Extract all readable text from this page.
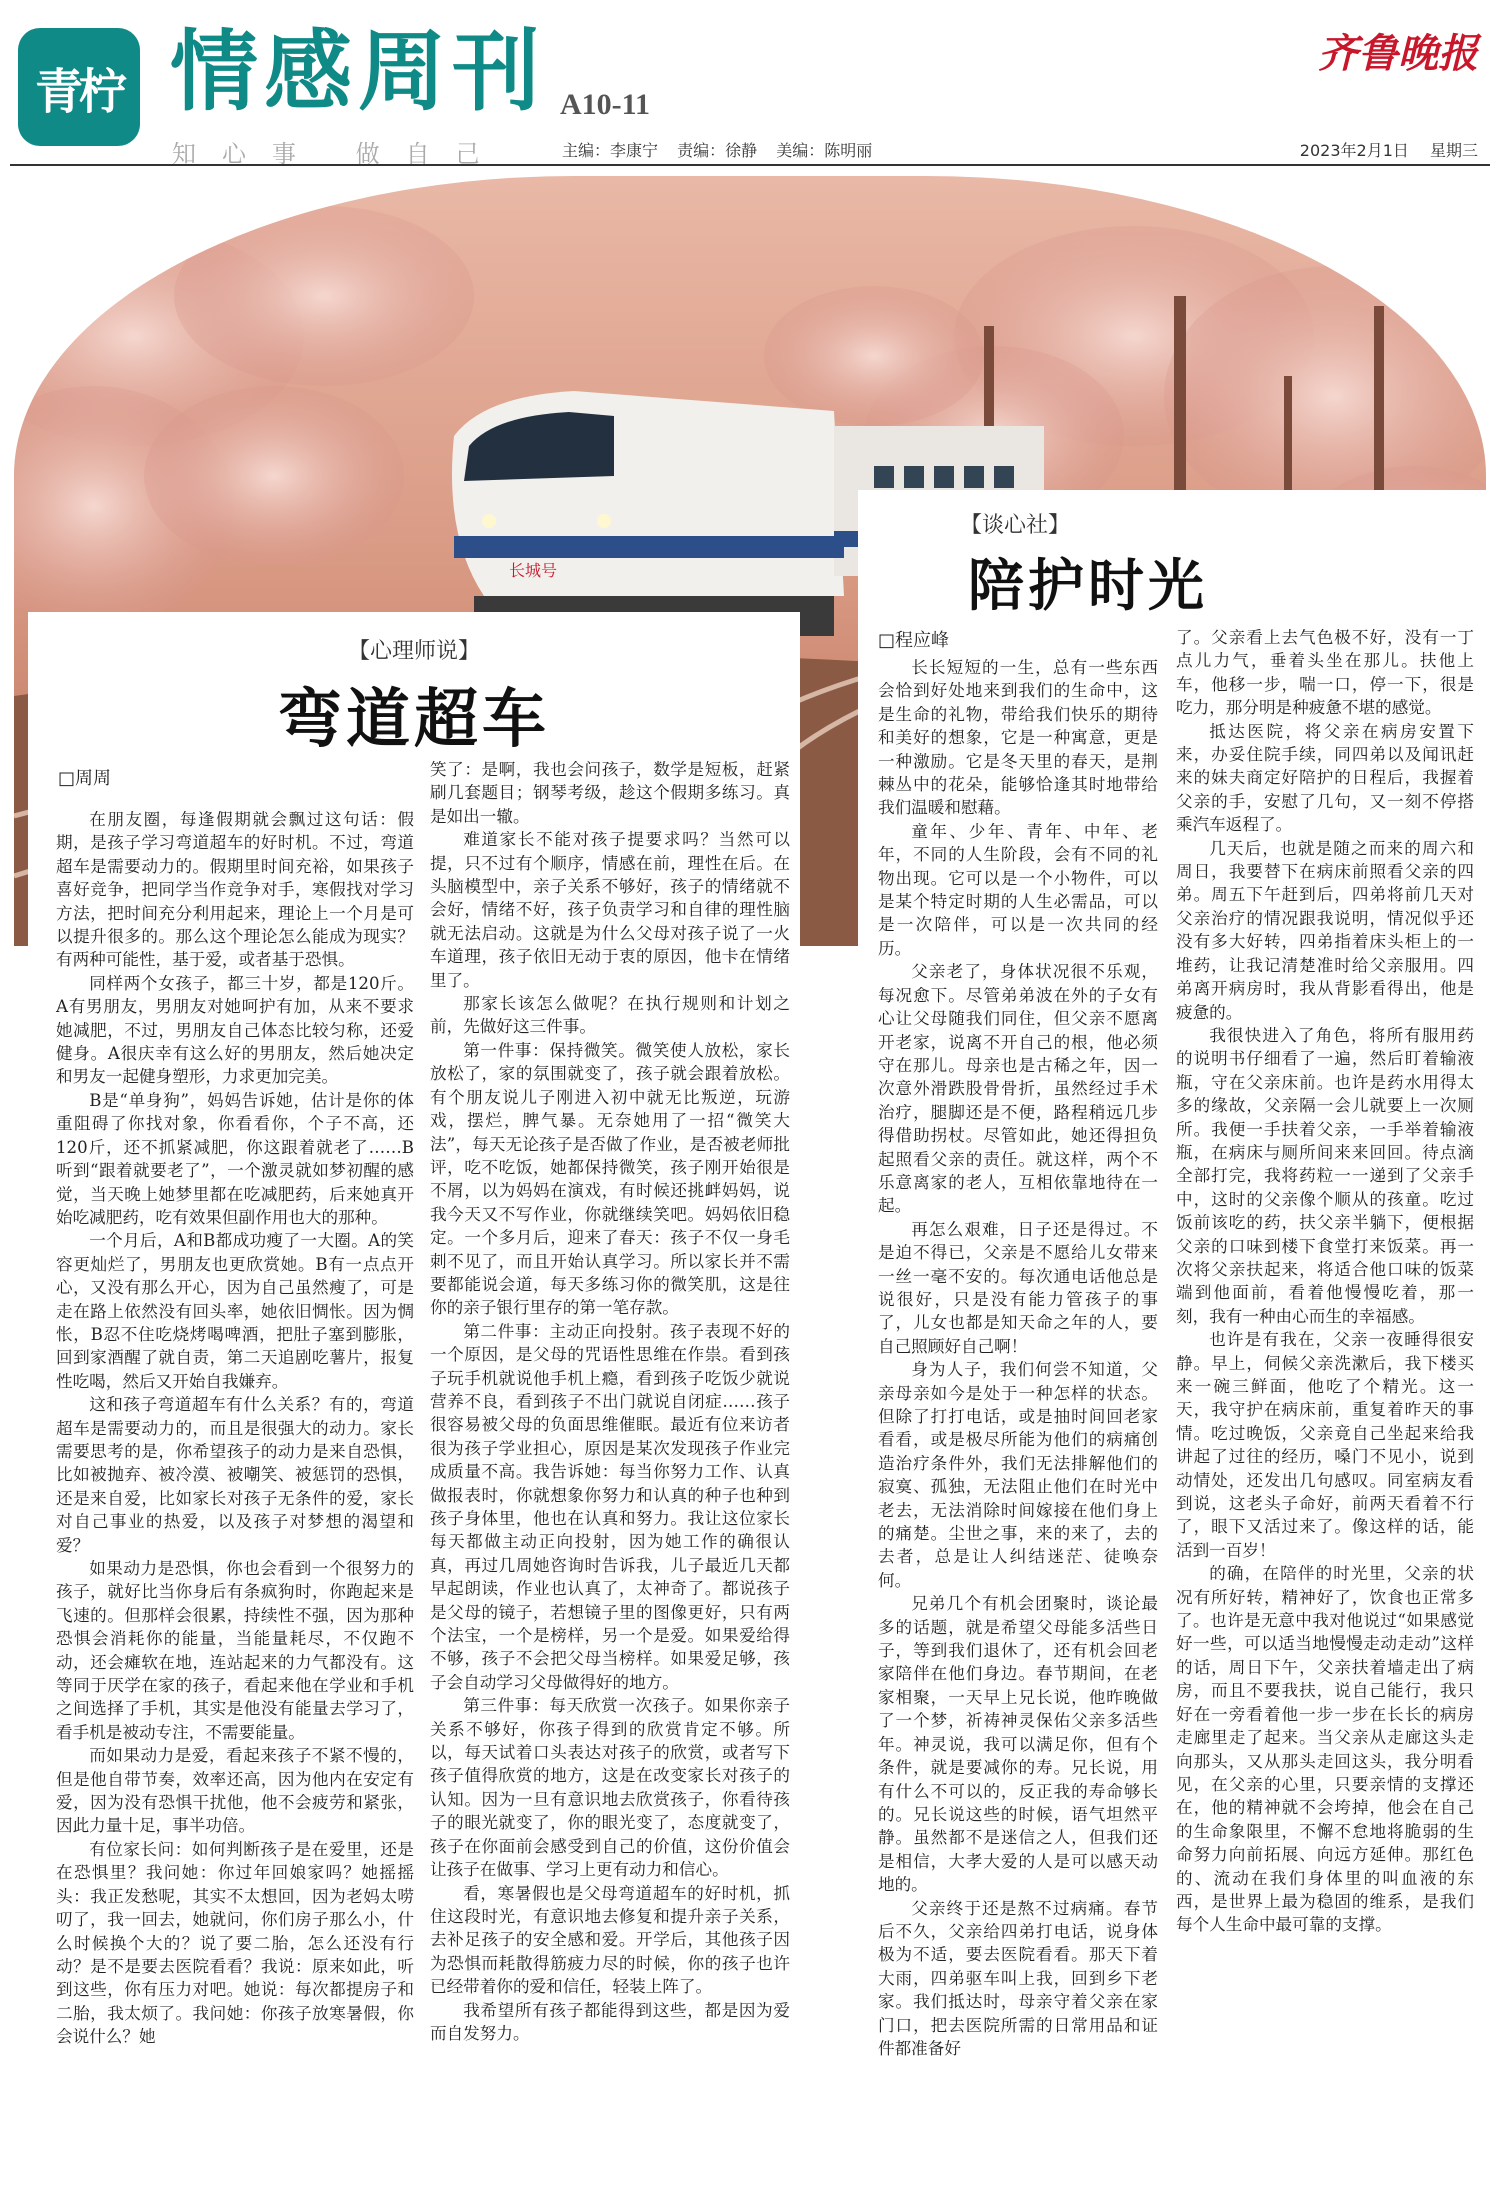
青柠 情感周刊 A10-11
知心事 做自己	主编：李康宁 责编：徐静 美编：陈明丽	2023年2月1日 星期三
齐鲁晚报
长城号
【心理师说】
弯道超车
□周周

在朋友圈，每逢假期就会飘过这句话：假期，是孩子学习弯道超车的好时机。不过，弯道超车是需要动力的。假期里时间充裕，如果孩子喜好竞争，把同学当作竞争对手，寒假找对学习方法，把时间充分利用起来，理论上一个月是可以提升很多的。那么这个理论怎么能成为现实？有两种可能性，基于爱，或者基于恐惧。

同样两个女孩子，都三十岁，都是120斤。A有男朋友，男朋友对她呵护有加，从来不要求她减肥，不过，男朋友自己体态比较匀称，还爱健身。A很庆幸有这么好的男朋友，然后她决定和男友一起健身塑形，力求更加完美。

B是“单身狗”，妈妈告诉她，估计是你的体重阻碍了你找对象，你看看你，个子不高，还120斤，还不抓紧减肥，你这跟着就老了……B听到“跟着就要老了”，一个激灵就如梦初醒的感觉，当天晚上她梦里都在吃减肥药，后来她真开始吃减肥药，吃有效果但副作用也大的那种。

一个月后，A和B都成功瘦了一大圈。A的笑容更灿烂了，男朋友也更欣赏她。B有一点点开心，又没有那么开心，因为自己虽然瘦了，可是走在路上依然没有回头率，她依旧惆怅。因为惆怅，B忍不住吃烧烤喝啤酒，把肚子塞到膨胀，回到家酒醒了就自责，第二天追剧吃薯片，报复性吃喝，然后又开始自我嫌弃。

这和孩子弯道超车有什么关系？有的，弯道超车是需要动力的，而且是很强大的动力。家长需要思考的是，你希望孩子的动力是来自恐惧，比如被抛弃、被冷漠、被嘲笑、被惩罚的恐惧，还是来自爱，比如家长对孩子无条件的爱，家长对自己事业的热爱，以及孩子对梦想的渴望和爱？

如果动力是恐惧，你也会看到一个很努力的孩子，就好比当你身后有条疯狗时，你跑起来是飞速的。但那样会很累，持续性不强，因为那种恐惧会消耗你的能量，当能量耗尽，不仅跑不动，还会瘫软在地，连站起来的力气都没有。这等同于厌学在家的孩子，看起来他在学业和手机之间选择了手机，其实是他没有能量去学习了，看手机是被动专注，不需要能量。

而如果动力是爱，看起来孩子不紧不慢的，但是他自带节奏，效率还高，因为他内在安定有爱，因为没有恐惧干扰他，他不会疲劳和紧张，因此力量十足，事半功倍。

有位家长问：如何判断孩子是在爱里，还是在恐惧里？我问她：你过年回娘家吗？她摇摇头：我正发愁呢，其实不太想回，因为老妈太唠叨了，我一回去，她就问，你们房子那么小，什么时候换个大的？说了要二胎，怎么还没有行动？是不是要去医院看看？我说：原来如此，听到这些，你有压力对吧。她说：每次都提房子和二胎，我太烦了。我问她：你孩子放寒暑假，你会说什么？她

笑了：是啊，我也会问孩子，数学是短板，赶紧刷几套题目；钢琴考级，趁这个假期多练习。真是如出一辙。

难道家长不能对孩子提要求吗？当然可以提，只不过有个顺序，情感在前，理性在后。在头脑模型中，亲子关系不够好，孩子的情绪就不会好，情绪不好，孩子负责学习和自律的理性脑就无法启动。这就是为什么父母对孩子说了一火车道理，孩子依旧无动于衷的原因，他卡在情绪里了。

那家长该怎么做呢？在执行规则和计划之前，先做好这三件事。

第一件事：保持微笑。微笑使人放松，家长放松了，家的氛围就变了，孩子就会跟着放松。有个朋友说儿子刚进入初中就无比叛逆，玩游戏，摆烂，脾气暴。无奈她用了一招“微笑大法”，每天无论孩子是否做了作业，是否被老师批评，吃不吃饭，她都保持微笑，孩子刚开始很是不屑，以为妈妈在演戏，有时候还挑衅妈妈，说我今天又不写作业，你就继续笑吧。妈妈依旧稳定。一个多月后，迎来了春天：孩子不仅一身毛刺不见了，而且开始认真学习。所以家长并不需要都能说会道，每天多练习你的微笑肌，这是往你的亲子银行里存的第一笔存款。

第二件事：主动正向投射。孩子表现不好的一个原因，是父母的咒语性思维在作祟。看到孩子玩手机就说他手机上瘾，看到孩子吃饭少就说营养不良，看到孩子不出门就说自闭症……孩子很容易被父母的负面思维催眠。最近有位来访者很为孩子学业担心，原因是某次发现孩子作业完成质量不高。我告诉她：每当你努力工作、认真做报表时，你就想象你努力和认真的种子也种到孩子身体里，他也在认真和努力。我让这位家长每天都做主动正向投射，因为她工作的确很认真，再过几周她咨询时告诉我，儿子最近几天都早起朗读，作业也认真了，太神奇了。都说孩子是父母的镜子，若想镜子里的图像更好，只有两个法宝，一个是榜样，另一个是爱。如果爱给得不够，孩子不会把父母当榜样。如果爱足够，孩子会自动学习父母做得好的地方。

第三件事：每天欣赏一次孩子。如果你亲子关系不够好，你孩子得到的欣赏肯定不够。所以，每天试着口头表达对孩子的欣赏，或者写下孩子值得欣赏的地方，这是在改变家长对孩子的认知。因为一旦有意识地去欣赏孩子，你看待孩子的眼光就变了，你的眼光变了，态度就变了，孩子在你面前会感受到自己的价值，这份价值会让孩子在做事、学习上更有动力和信心。

看，寒暑假也是父母弯道超车的好时机，抓住这段时光，有意识地去修复和提升亲子关系，去补足孩子的安全感和爱。开学后，其他孩子因为恐惧而耗散得筋疲力尽的时候，你的孩子也许已经带着你的爱和信任，轻装上阵了。

我希望所有孩子都能得到这些，都是因为爱而自发努力。

【谈心社】
陪护时光
□程应峰

长长短短的一生，总有一些东西会恰到好处地来到我们的生命中，这是生命的礼物，带给我们快乐的期待和美好的想象，它是一种寓意，更是一种激励。它是冬天里的春天，是荆棘丛中的花朵，能够恰逢其时地带给我们温暖和慰藉。

童年、少年、青年、中年、老年，不同的人生阶段，会有不同的礼物出现。它可以是一个小物件，可以是某个特定时期的人生必需品，可以是一次陪伴，可以是一次共同的经历。

父亲老了，身体状况很不乐观，每况愈下。尽管弟弟波在外的子女有心让父母随我们同住，但父亲不愿离开老家，说离不开自己的根，他必须守在那儿。母亲也是古稀之年，因一次意外滑跌股骨骨折，虽然经过手术治疗，腿脚还是不便，路程稍远几步得借助拐杖。尽管如此，她还得担负起照看父亲的责任。就这样，两个不乐意离家的老人，互相依靠地待在一起。

再怎么艰难，日子还是得过。不是迫不得已，父亲是不愿给儿女带来一丝一毫不安的。每次通电话他总是说很好，只是没有能力管孩子的事了，儿女也都是知天命之年的人，要自己照顾好自己啊！

身为人子，我们何尝不知道，父亲母亲如今是处于一种怎样的状态。但除了打打电话，或是抽时间回老家看看，或是极尽所能为他们的病痛创造治疗条件外，我们无法排解他们的寂寞、孤独，无法阻止他们在时光中老去，无法消除时间嫁接在他们身上的痛楚。尘世之事，来的来了，去的去者，总是让人纠结迷茫、徒唤奈何。

兄弟几个有机会团聚时，谈论最多的话题，就是希望父母能多活些日子，等到我们退休了，还有机会回老家陪伴在他们身边。春节期间，在老家相聚，一天早上兄长说，他昨晚做了一个梦，祈祷神灵保佑父亲多活些年。神灵说，我可以满足你，但有个条件，就是要减你的寿。兄长说，用有什么不可以的，反正我的寿命够长的。兄长说这些的时候，语气坦然平静。虽然都不是迷信之人，但我们还是相信，大孝大爱的人是可以感天动地的。

父亲终于还是熬不过病痛。春节后不久，父亲给四弟打电话，说身体极为不适，要去医院看看。那天下着大雨，四弟驱车叫上我，回到乡下老家。我们抵达时，母亲守着父亲在家门口，把去医院所需的日常用品和证件都准备好

了。父亲看上去气色极不好，没有一丁点儿力气，垂着头坐在那儿。扶他上车，他移一步，喘一口，停一下，很是吃力，那分明是种疲惫不堪的感觉。

抵达医院，将父亲在病房安置下来，办妥住院手续，同四弟以及闻讯赶来的妹夫商定好陪护的日程后，我握着父亲的手，安慰了几句，又一刻不停搭乘汽车返程了。

几天后，也就是随之而来的周六和周日，我要替下在病床前照看父亲的四弟。周五下午赶到后，四弟将前几天对父亲治疗的情况跟我说明，情况似乎还没有多大好转，四弟指着床头柜上的一堆药，让我记清楚准时给父亲服用。四弟离开病房时，我从背影看得出，他是疲惫的。

我很快进入了角色，将所有服用药的说明书仔细看了一遍，然后盯着输液瓶，守在父亲床前。也许是药水用得太多的缘故，父亲隔一会儿就要上一次厕所。我便一手扶着父亲，一手举着输液瓶，在病床与厕所间来来回回。待点滴全部打完，我将药粒一一递到了父亲手中，这时的父亲像个顺从的孩童。吃过饭前该吃的药，扶父亲半躺下，便根据父亲的口味到楼下食堂打来饭菜。再一次将父亲扶起来，将适合他口味的饭菜端到他面前，看着他慢慢吃着，那一刻，我有一种由心而生的幸福感。

也许是有我在，父亲一夜睡得很安静。早上，伺候父亲洗漱后，我下楼买来一碗三鲜面，他吃了个精光。这一天，我守护在病床前，重复着昨天的事情。吃过晚饭，父亲竟自己坐起来给我讲起了过往的经历，嗓门不见小，说到动情处，还发出几句感叹。同室病友看到说，这老头子命好，前两天看着不行了，眼下又活过来了。像这样的话，能活到一百岁！

的确，在陪伴的时光里，父亲的状况有所好转，精神好了，饮食也正常多了。也许是无意中我对他说过“如果感觉好一些，可以适当地慢慢走动走动”这样的话，周日下午，父亲扶着墙走出了病房，而且不要我扶，说自己能行，我只好在一旁看着他一步一步在长长的病房走廊里走了起来。当父亲从走廊这头走向那头，又从那头走回这头，我分明看见，在父亲的心里，只要亲情的支撑还在，他的精神就不会垮掉，他会在自己的生命象限里，不懈不怠地将脆弱的生命努力向前拓展、向远方延伸。那红色的、流动在我们身体里的叫血液的东西，是世界上最为稳固的维系，是我们每个人生命中最可靠的支撑。
